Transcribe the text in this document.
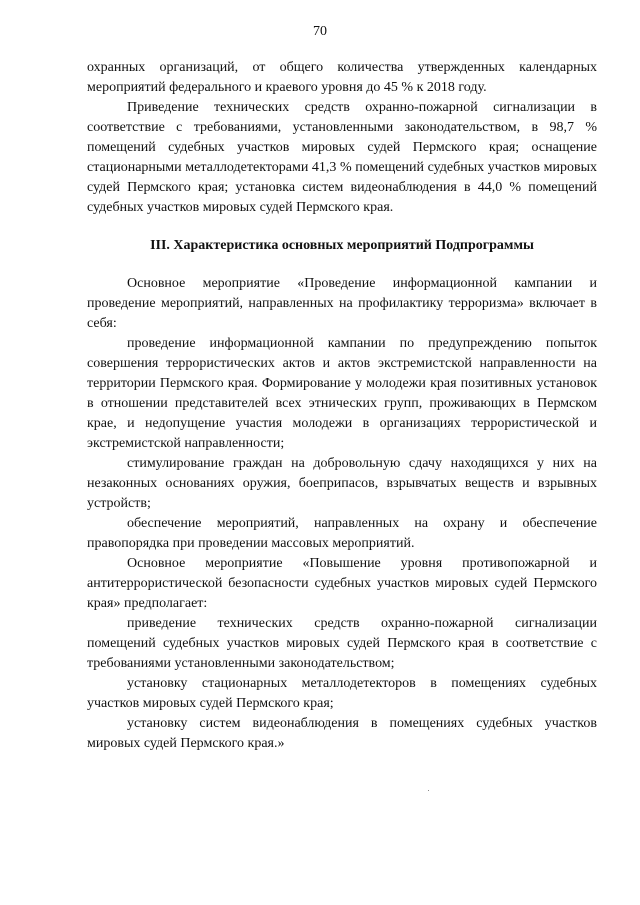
70

охранных организаций, от общего количества утвержденных календарных мероприятий федерального и краевого уровня до 45 % к 2018 году.

Приведение технических средств охранно-пожарной сигнализации в соответствие с требованиями, установленными законодательством, в 98,7 % помещений судебных участков мировых судей Пермского края; оснащение стационарными металлодетекторами 41,3 % помещений судебных участков мировых судей Пермского края; установка систем видеонаблюдения в 44,0 % помещений судебных участков мировых судей Пермского края.

III. Характеристика основных мероприятий Подпрограммы

Основное мероприятие «Проведение информационной кампании и проведение мероприятий, направленных на профилактику терроризма» включает в себя:

проведение информационной кампании по предупреждению попыток совершения террористических актов и актов экстремистской направленности на территории Пермского края. Формирование у молодежи края позитивных установок в отношении представителей всех этнических групп, проживающих в Пермском крае, и недопущение участия молодежи в организациях террористической и экстремистской направленности;

стимулирование граждан на добровольную сдачу находящихся у них на незаконных основаниях оружия, боеприпасов, взрывчатых веществ и взрывных устройств;

обеспечение мероприятий, направленных на охрану и обеспечение правопорядка при проведении массовых мероприятий.

Основное мероприятие «Повышение уровня противопожарной и антитеррористической безопасности судебных участков мировых судей Пермского края» предполагает:

приведение технических средств охранно-пожарной сигнализации помещений судебных участков мировых судей Пермского края в соответствие с требованиями установленными законодательством;

установку стационарных металлодетекторов в помещениях судебных участков мировых судей Пермского края;

установку систем видеонаблюдения в помещениях судебных участков мировых судей Пермского края.»
